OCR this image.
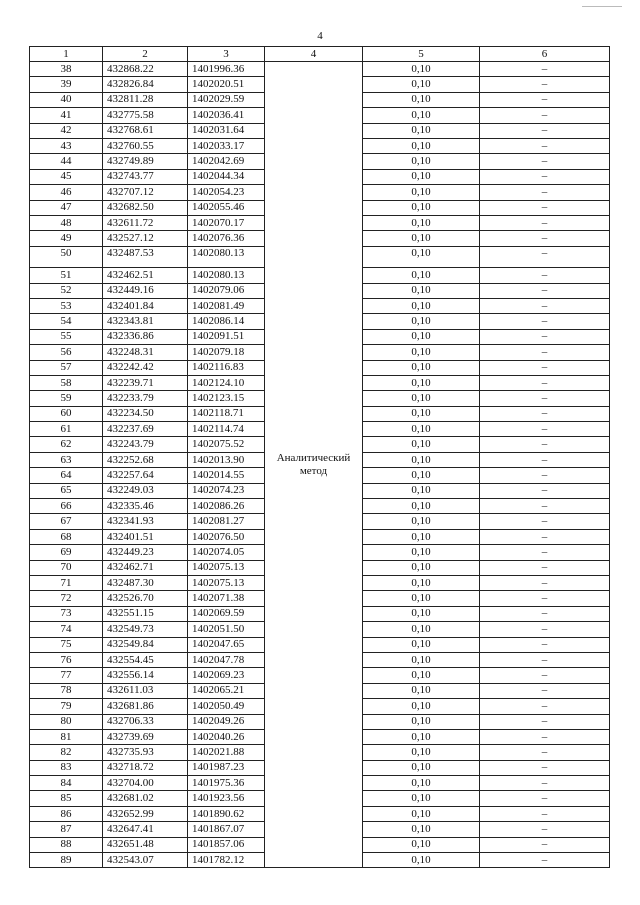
4
1	2	3	4	5	6
38	432868.22	1401996.36	Аналитический метод	0,10	–
39	432826.84	1402020.51		0,10	–
40	432811.28	1402029.59		0,10	–
41	432775.58	1402036.41		0,10	–
42	432768.61	1402031.64		0,10	–
43	432760.55	1402033.17		0,10	–
44	432749.89	1402042.69		0,10	–
45	432743.77	1402044.34		0,10	–
46	432707.12	1402054.23		0,10	–
47	432682.50	1402055.46		0,10	–
48	432611.72	1402070.17		0,10	–
49	432527.12	1402076.36		0,10	–
50	432487.53	1402080.13		0,10	–
51	432462.51	1402080.13		0,10	–
52	432449.16	1402079.06		0,10	–
53	432401.84	1402081.49		0,10	–
54	432343.81	1402086.14		0,10	–
55	432336.86	1402091.51		0,10	–
56	432248.31	1402079.18		0,10	–
57	432242.42	1402116.83		0,10	–
58	432239.71	1402124.10		0,10	–
59	432233.79	1402123.15		0,10	–
60	432234.50	1402118.71		0,10	–
61	432237.69	1402114.74		0,10	–
62	432243.79	1402075.52		0,10	–
63	432252.68	1402013.90		0,10	–
64	432257.64	1402014.55		0,10	–
65	432249.03	1402074.23		0,10	–
66	432335.46	1402086.26		0,10	–
67	432341.93	1402081.27		0,10	–
68	432401.51	1402076.50		0,10	–
69	432449.23	1402074.05		0,10	–
70	432462.71	1402075.13		0,10	–
71	432487.30	1402075.13		0,10	–
72	432526.70	1402071.38		0,10	–
73	432551.15	1402069.59		0,10	–
74	432549.73	1402051.50		0,10	–
75	432549.84	1402047.65		0,10	–
76	432554.45	1402047.78		0,10	–
77	432556.14	1402069.23		0,10	–
78	432611.03	1402065.21		0,10	–
79	432681.86	1402050.49		0,10	–
80	432706.33	1402049.26		0,10	–
81	432739.69	1402040.26		0,10	–
82	432735.93	1402021.88		0,10	–
83	432718.72	1401987.23		0,10	–
84	432704.00	1401975.36		0,10	–
85	432681.02	1401923.56		0,10	–
86	432652.99	1401890.62		0,10	–
87	432647.41	1401867.07		0,10	–
88	432651.48	1401857.06		0,10	–
89	432543.07	1401782.12		0,10	–
